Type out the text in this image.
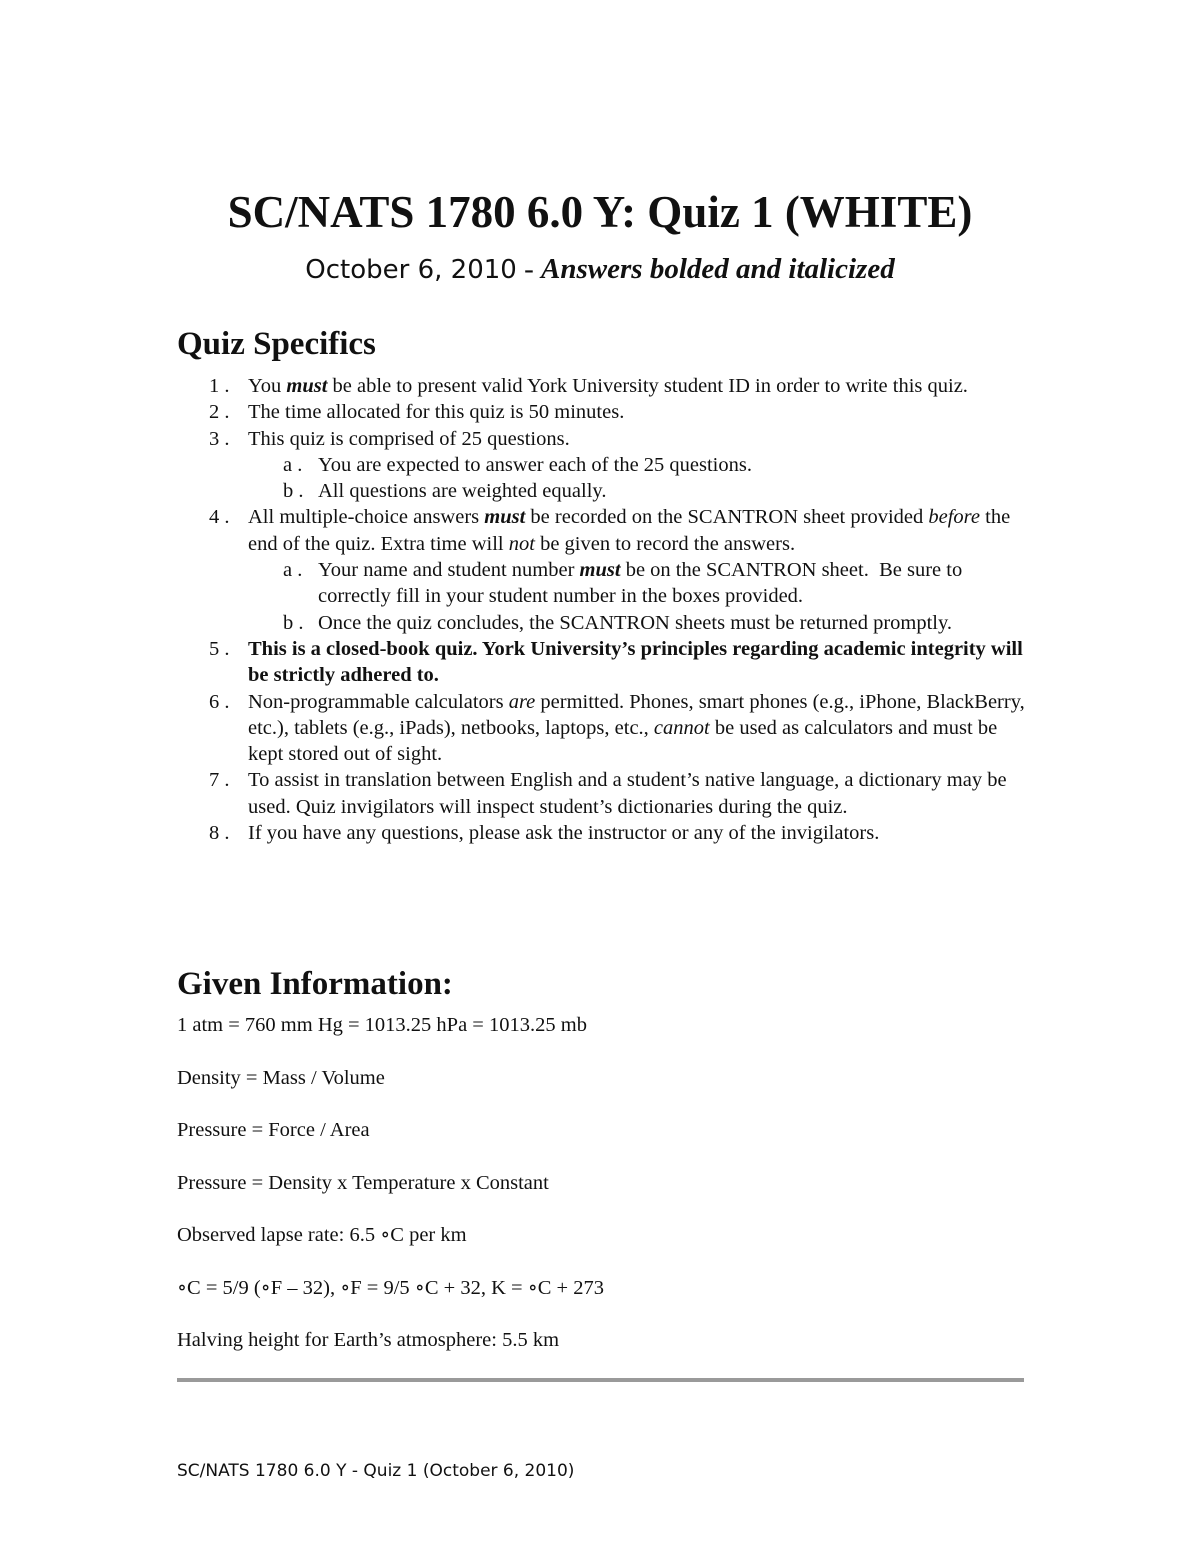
SC/NATS 1780 6.0 Y: Quiz 1 (WHITE)
October 6, 2010 - Answers bolded and italicized
Quiz Specifics
1 . You must be able to present valid York University student ID in order to write this quiz.
2 . The time allocated for this quiz is 50 minutes.
3 . This quiz is comprised of 25 questions.
a . You are expected to answer each of the 25 questions.
b . All questions are weighted equally.
4 . All multiple-choice answers must be recorded on the SCANTRON sheet provided before the end of the quiz. Extra time will not be given to record the answers.
a . Your name and student number must be on the SCANTRON sheet.  Be sure to correctly fill in your student number in the boxes provided.
b . Once the quiz concludes, the SCANTRON sheets must be returned promptly.
5 . This is a closed-book quiz. York University’s principles regarding academic integrity will be strictly adhered to.
6 . Non-programmable calculators are permitted. Phones, smart phones (e.g., iPhone, BlackBerry, etc.), tablets (e.g., iPads), netbooks, laptops, etc., cannot be used as calculators and must be kept stored out of sight.
7 . To assist in translation between English and a student’s native language, a dictionary may be used. Quiz invigilators will inspect student’s dictionaries during the quiz.
8 . If you have any questions, please ask the instructor or any of the invigilators.
Given Information:
1 atm = 760 mm Hg = 1013.25 hPa = 1013.25 mb
Density = Mass / Volume
Pressure = Force / Area
Pressure = Density x Temperature x Constant
Observed lapse rate: 6.5 ∘C per km
∘C = 5/9 (∘F – 32), ∘F = 9/5 ∘C + 32, K = ∘C + 273
Halving height for Earth’s atmosphere: 5.5 km
SC/NATS 1780 6.0 Y - Quiz 1 (October 6, 2010)
